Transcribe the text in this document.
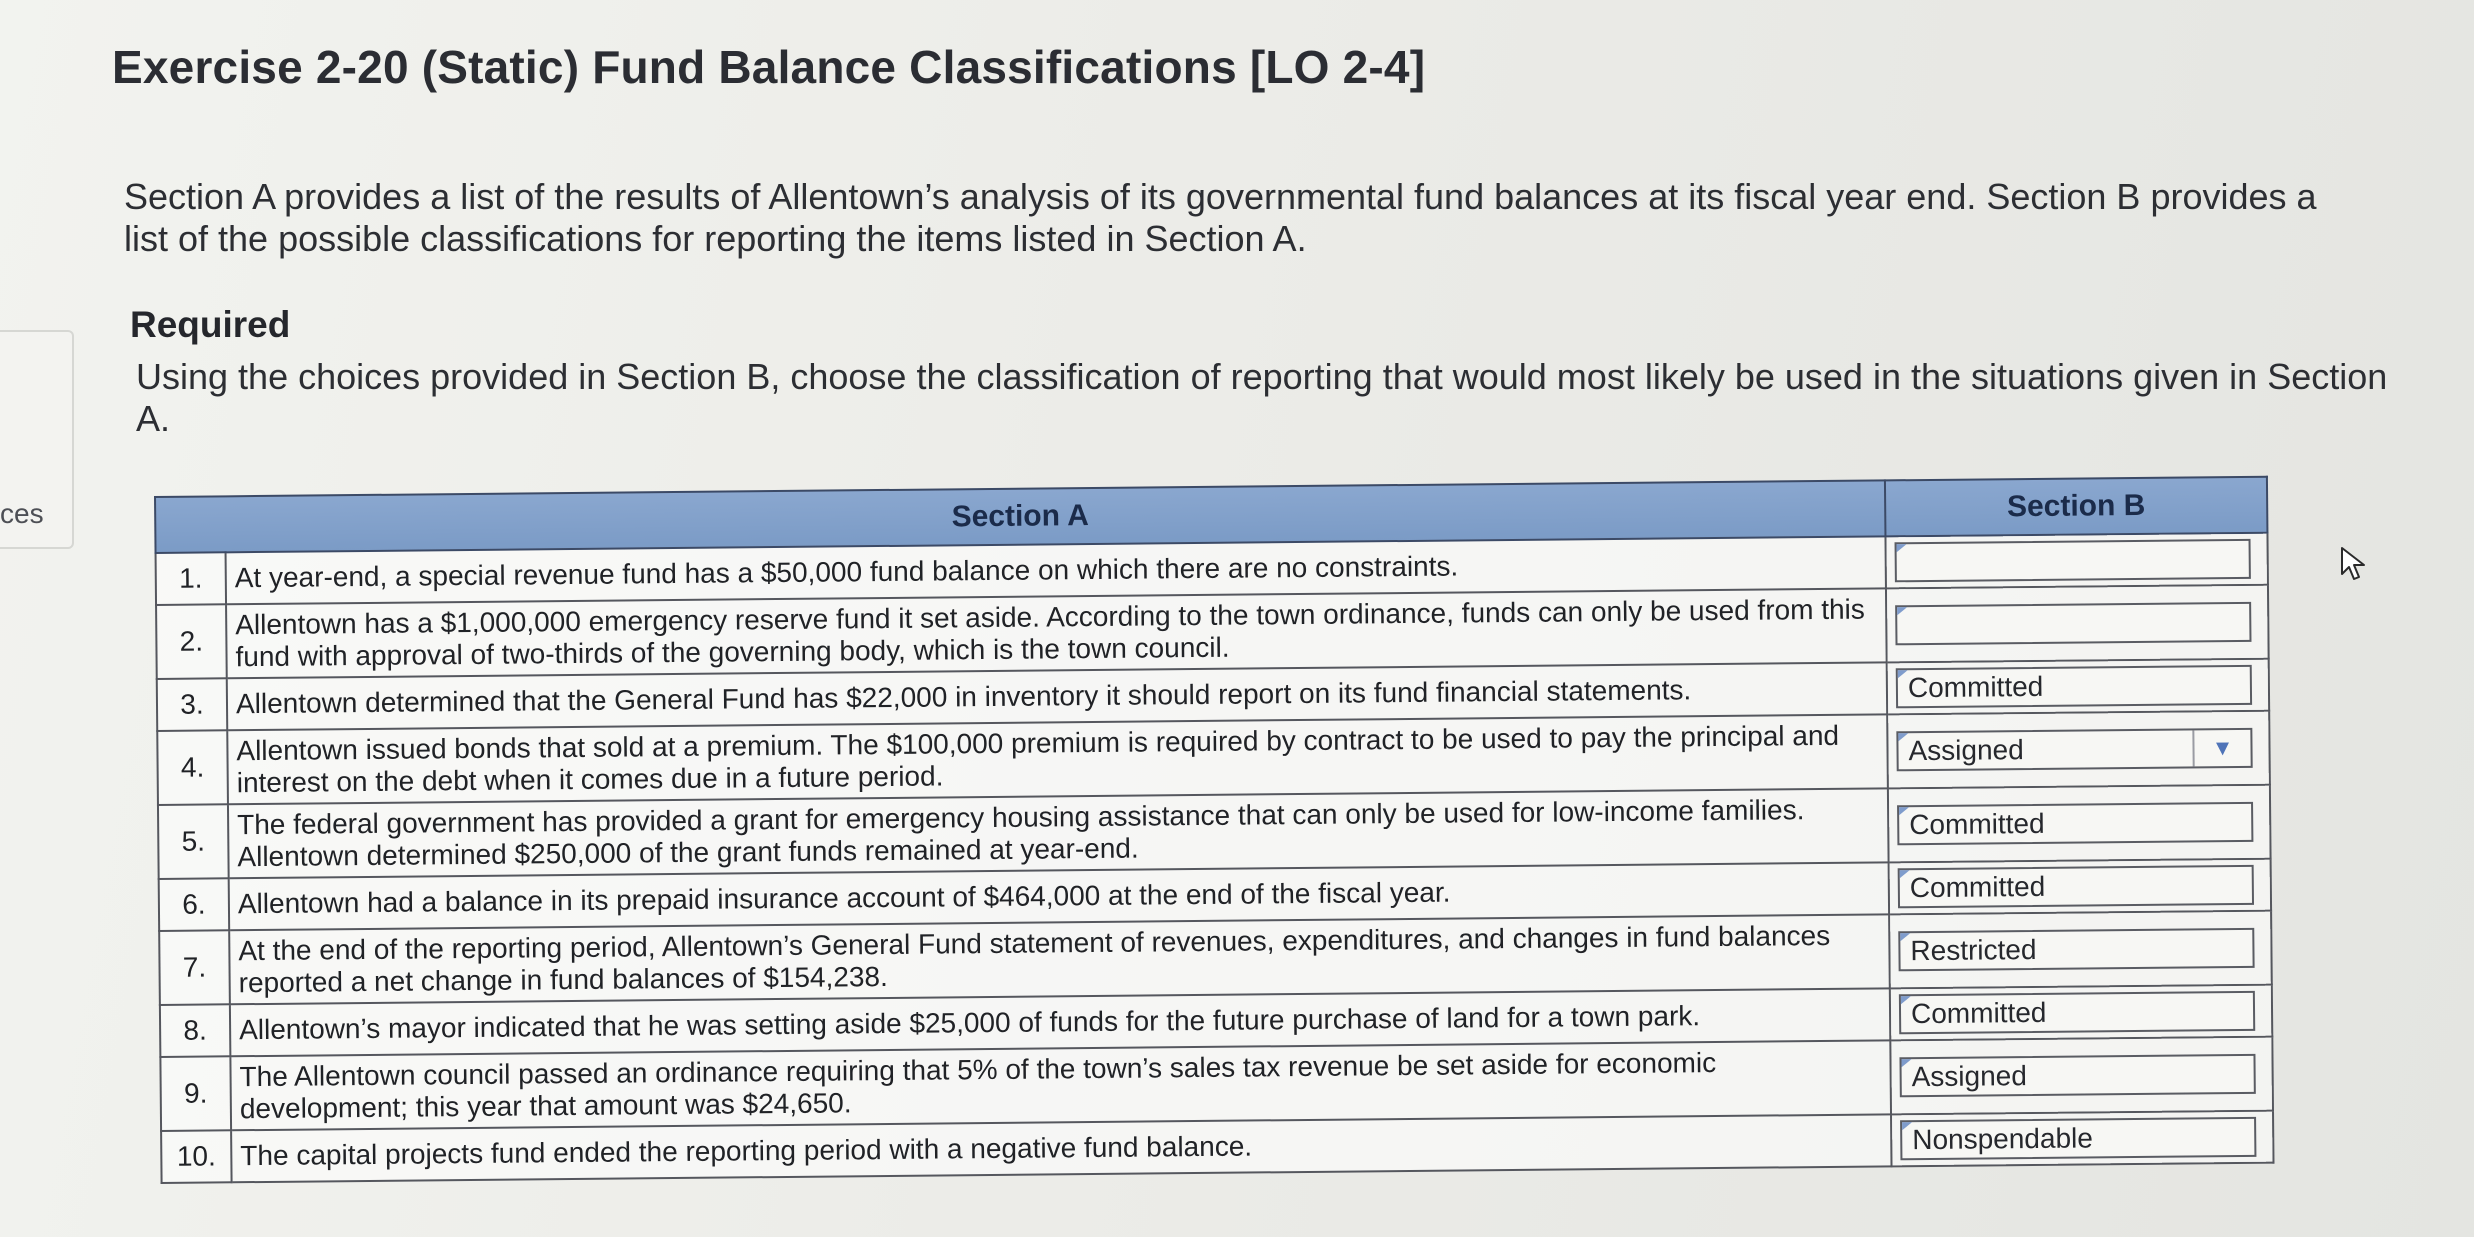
ces
Exercise 2-20 (Static) Fund Balance Classifications [LO 2-4]
Section A provides a list of the results of Allentown’s analysis of its governmental fund balances at its fiscal year end. Section B provides a list of the possible classifications for reporting the items listed in Section A.
Required
Using the choices provided in Section B, choose the classification of reporting that would most likely be used in the situations given in Section A.
Section A		Section B
1.	At year-end, a special revenue fund has a $50,000 fund balance on which there are no constraints.	

2.	Allentown has a $1,000,000 emergency reserve fund it set aside. According to the town ordinance, funds can only be used from this fund with approval of two-thirds of the governing body, which is the town council.	

3.	Allentown determined that the General Fund has $22,000 in inventory it should report on its fund financial statements.	Committed

4.	Allentown issued bonds that sold at a premium. The $100,000 premium is required by contract to be used to pay the principal and interest on the debt when it comes due in a future period.	Assigned ▼

5.	The federal government has provided a grant for emergency housing assistance that can only be used for low-income families. Allentown determined $250,000 of the grant funds remained at year-end.	Committed

6.	Allentown had a balance in its prepaid insurance account of $464,000 at the end of the fiscal year.	Committed

7.	At the end of the reporting period, Allentown’s General Fund statement of revenues, expenditures, and changes in fund balances reported a net change in fund balances of $154,238.	Restricted

8.	Allentown’s mayor indicated that he was setting aside $25,000 of funds for the future purchase of land for a town park.	Committed

9.	The Allentown council passed an ordinance requiring that 5% of the town’s sales tax revenue be set aside for economic development; this year that amount was $24,650.	Assigned

10.	The capital projects fund ended the reporting period with a negative fund balance.	Nonspendable
